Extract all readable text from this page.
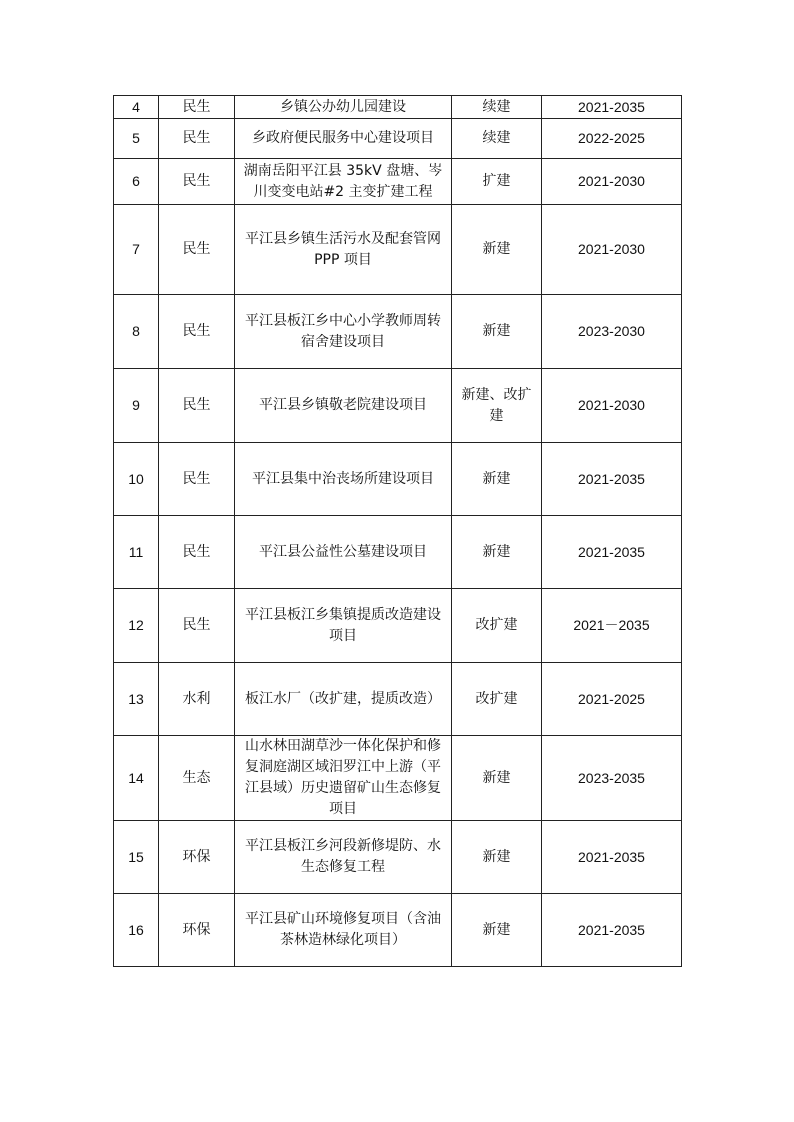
4	民生	乡镇公办幼儿园建设	续建	2021-2035
5	民生	乡政府便民服务中心建设项目	续建	2022-2025
6	民生	湖南岳阳平江县 35kV 盘塘、岑川变变电站#2 主变扩建工程	扩建	2021-2030
7	民生	平江县乡镇生活污水及配套管网 PPP 项目	新建	2021-2030
8	民生	平江县板江乡中心小学教师周转宿舍建设项目	新建	2023-2030
9	民生	平江县乡镇敬老院建设项目	新建、改扩建	2021-2030
10	民生	平江县集中治丧场所建设项目	新建	2021-2035
11	民生	平江县公益性公墓建设项目	新建	2021-2035
12	民生	平江县板江乡集镇提质改造建设项目	改扩建	2021－2035
13	水利	板江水厂（改扩建，提质改造）	改扩建	2021-2025
14	生态	山水林田湖草沙一体化保护和修复洞庭湖区域汨罗江中上游（平江县域）历史遗留矿山生态修复项目	新建	2023-2035
15	环保	平江县板江乡河段新修堤防、水生态修复工程	新建	2021-2035
16	环保	平江县矿山环境修复项目（含油茶林造林绿化项目）	新建	2021-2035
